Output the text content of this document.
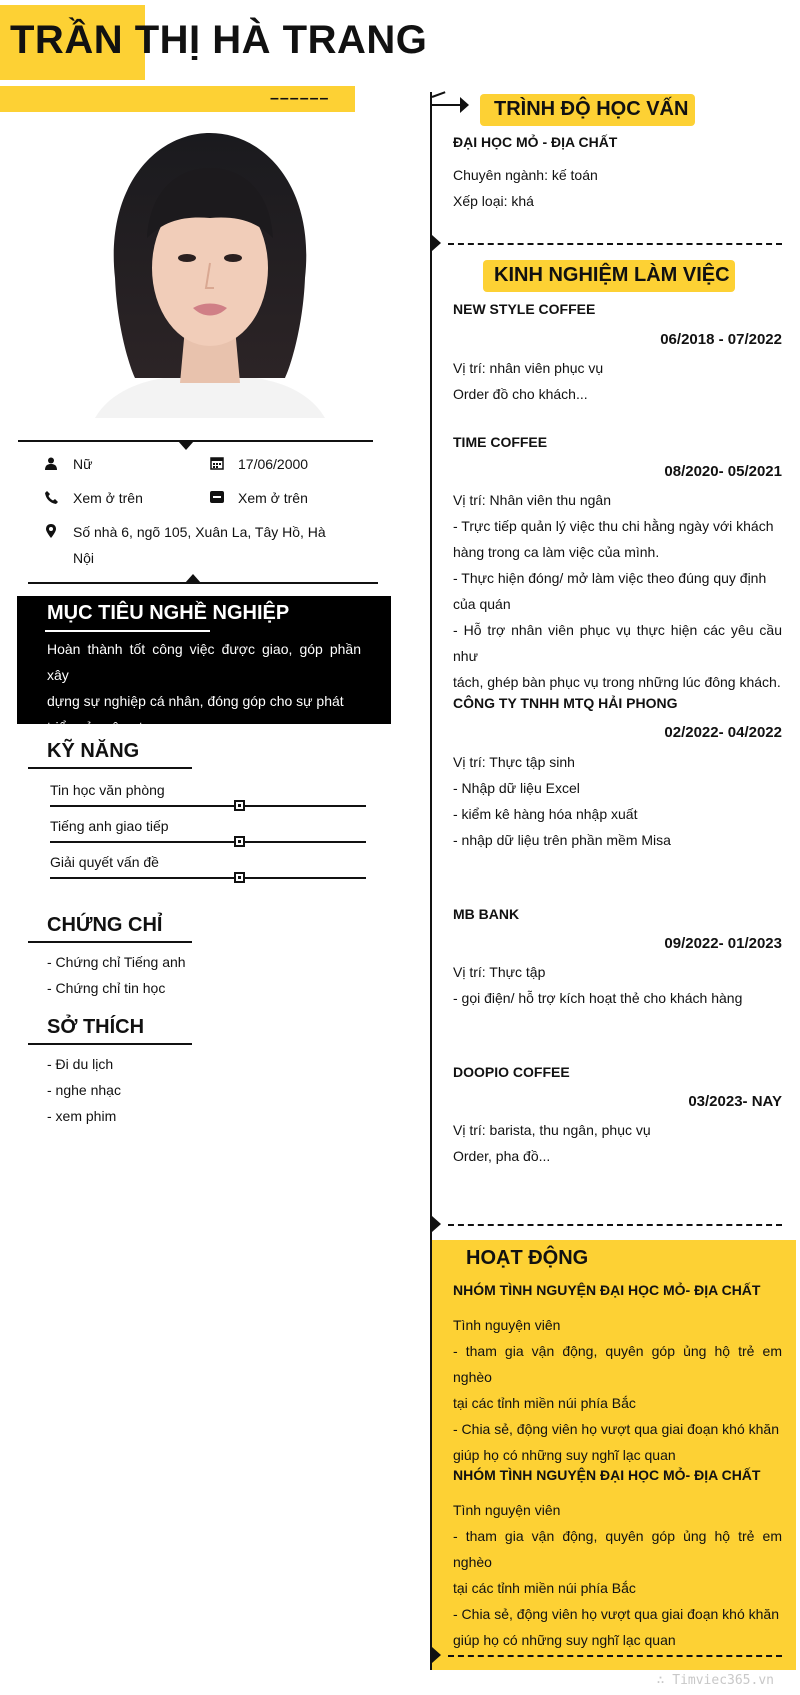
TRẦN THỊ HÀ TRANG
––––––
Nữ	17/06/2000
Xem ở trên	Xem ở trên
Số nhà 6, ngõ 105, Xuân La, Tây Hồ, Hà
Nội
MỤC TIÊU NGHỀ NGHIỆP
Hoàn thành tốt công việc được giao, góp phần xây
dựng sự nghiệp cá nhân, đóng góp cho sự phát
triển của công ty.
KỸ NĂNG
Tin học văn phòng
Tiếng anh giao tiếp
Giải quyết vấn đề
CHỨNG CHỈ
- Chứng chỉ Tiếng anh
- Chứng chỉ tin học
SỞ THÍCH
- Đi du lịch
- nghe nhạc
- xem phim
TRÌNH ĐỘ HỌC VẤN
ĐẠI HỌC MỎ - ĐỊA CHẤT
Chuyên ngành: kế toán
Xếp loại: khá
KINH NGHIỆM LÀM VIỆC
NEW STYLE COFFEE
06/2018 - 07/2022
Vị trí: nhân viên phục vụ
Order đồ cho khách...
TIME COFFEE
08/2020- 05/2021
Vị trí: Nhân viên thu ngân
- Trực tiếp quản lý việc thu chi hằng ngày với khách
hàng trong ca làm việc của mình.
- Thực hiện đóng/ mở làm việc theo đúng quy định
của quán
- Hỗ trợ nhân viên phục vụ thực hiện các yêu cầu như
tách, ghép bàn phục vụ trong những lúc đông khách.
CÔNG TY TNHH MTQ HẢI PHONG
02/2022- 04/2022
Vị trí: Thực tập sinh
- Nhập dữ liệu Excel
- kiểm kê hàng hóa nhập xuất
- nhập dữ liệu trên phần mềm Misa
MB BANK
09/2022- 01/2023
Vị trí: Thực tập
- gọi điện/ hỗ trợ kích hoạt thẻ cho khách hàng
DOOPIO COFFEE
03/2023- NAY
Vị trí: barista, thu ngân, phục vụ
Order, pha đồ...
HOẠT ĐỘNG
NHÓM TÌNH NGUYỆN ĐẠI HỌC MỎ- ĐỊA CHẤT
Tình nguyện viên
- tham gia vận động, quyên góp ủng hộ trẻ em nghèo
tại các tỉnh miền núi phía Bắc
- Chia sẻ, động viên họ vượt qua giai đoạn khó khăn
giúp họ có những suy nghĩ lạc quan
NHÓM TÌNH NGUYỆN ĐẠI HỌC MỎ- ĐỊA CHẤT
Tình nguyện viên
- tham gia vận động, quyên góp ủng hộ trẻ em nghèo
tại các tỉnh miền núi phía Bắc
- Chia sẻ, động viên họ vượt qua giai đoạn khó khăn
giúp họ có những suy nghĩ lạc quan
∴ Timviec365.vn
